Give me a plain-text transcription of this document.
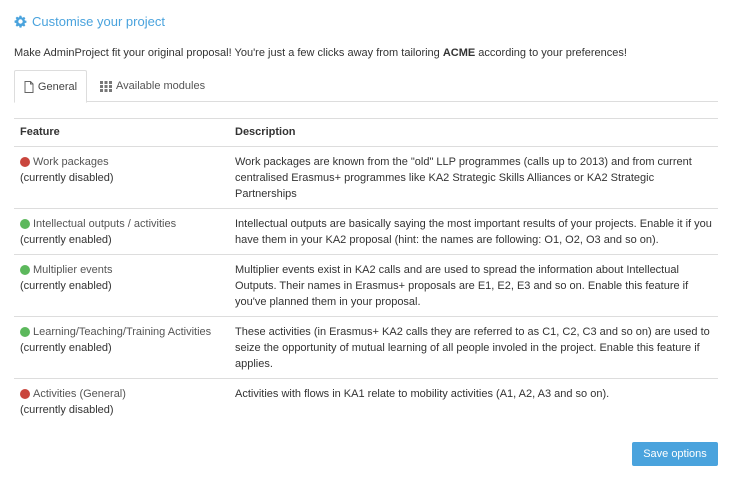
Customise your project
Make AdminProject fit your original proposal! You're just a few clicks away from tailoring ACME according to your preferences!
General	Available modules
Feature	Description

Work packages
(currently disabled)	Work packages are known from the "old" LLP programmes (calls up to 2013) and from current centralised Erasmus+ programmes like KA2 Strategic Skills Alliances or KA2 Strategic Partnerships

Intellectual outputs / activities
(currently enabled)	Intellectual outputs are basically saying the most important results of your projects. Enable it if you have them in your KA2 proposal (hint: the names are following: O1, O2, O3 and so on).

Multiplier events
(currently enabled)	Multiplier events exist in KA2 calls and are used to spread the information about Intellectual Outputs. Their names in Erasmus+ proposals are E1, E2, E3 and so on. Enable this feature if you've planned them in your proposal.

Learning/Teaching/Training Activities
(currently enabled)	These activities (in Erasmus+ KA2 calls they are referred to as C1, C2, C3 and so on) are used to seize the opportunity of mutual learning of all people involed in the project. Enable this feature if applies.

Activities (General)
(currently disabled)	Activities with flows in KA1 relate to mobility activities (A1, A2, A3 and so on).
Save options
